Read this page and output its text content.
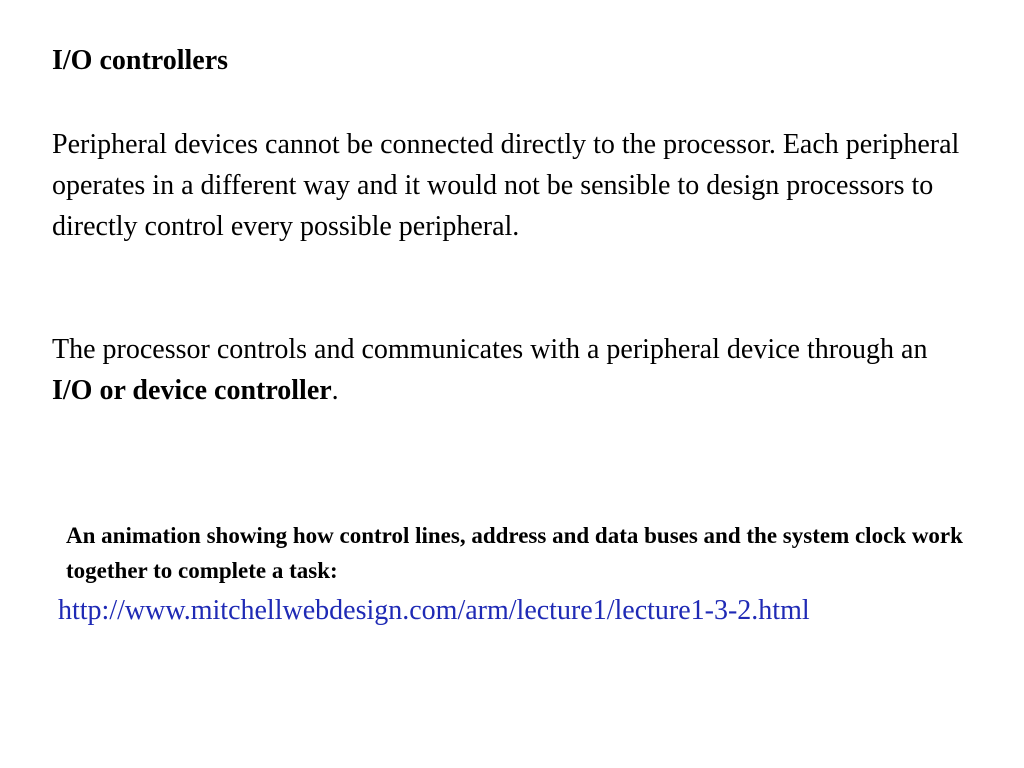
I/O controllers

Peripheral devices cannot be connected directly to the processor. Each peripheral operates in a different way and it would not be sensible to design processors to directly control every possible peripheral.

The processor controls and communicates with a peripheral device through an I/O or device controller.

An animation showing how control lines, address and data buses and the system clock work together to complete a task:

http://www.mitchellwebdesign.com/arm/lecture1/lecture1-3-2.html
